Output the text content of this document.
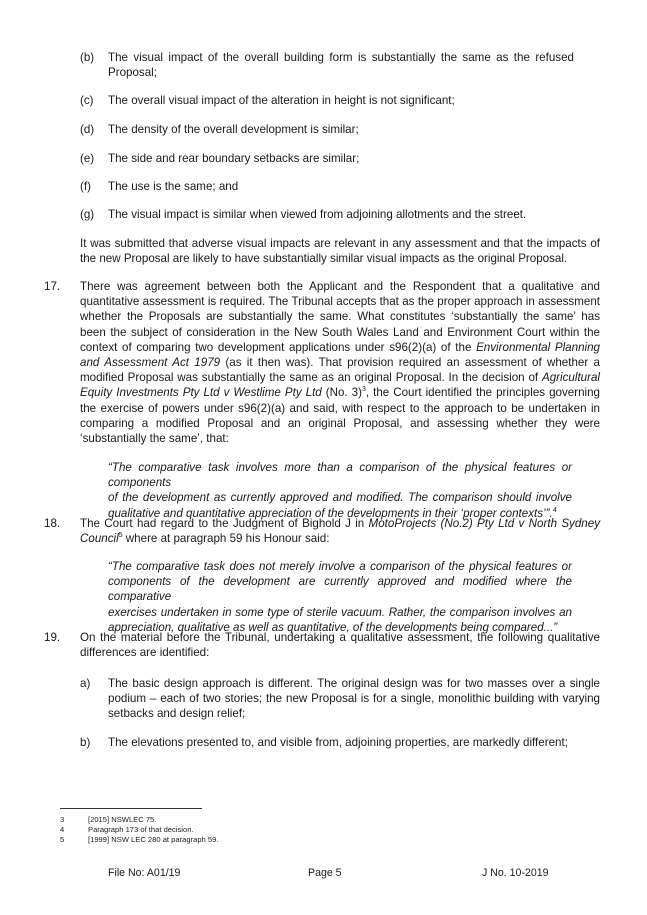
(b) The visual impact of the overall building form is substantially the same as the refused
Proposal;
(c) The overall visual impact of the alteration in height is not significant;
(d) The density of the overall development is similar;
(e) The side and rear boundary setbacks are similar;
(f) The use is the same; and
(g) The visual impact is similar when viewed from adjoining allotments and the street.
It was submitted that adverse visual impacts are relevant in any assessment and that the impacts of
the new Proposal are likely to have substantially similar visual impacts as the original Proposal.
17. There was agreement between both the Applicant and the Respondent that a qualitative and
quantitative assessment is required. The Tribunal accepts that as the proper approach in assessment
whether the Proposals are substantially the same. What constitutes ‘substantially the same’ has
been the subject of consideration in the New South Wales Land and Environment Court within the
context of comparing two development applications under s96(2)(a) of the Environmental Planning
and Assessment Act 1979 (as it then was). That provision required an assessment of whether a
modified Proposal was substantially the same as an original Proposal. In the decision of Agricultural
Equity Investments Pty Ltd v Westlime Pty Ltd (No. 3)$^3$, the Court identified the principles governing
the exercise of powers under s96(2)(a) and said, with respect to the approach to be undertaken in
comparing a modified Proposal and an original Proposal, and assessing whether they were
‘substantially the same’, that:
“The comparative task involves more than a comparison of the physical features or components
of the development as currently approved and modified. The comparison should involve
qualitative and quantitative appreciation of the developments in their ‘proper contexts’”.$^4$
18. The Court had regard to the Judgment of Bighold J in MotoProjects (No.2) Pty Ltd v North Sydney
Council$^5$ where at paragraph 59 his Honour said:
“The comparative task does not merely involve a comparison of the physical features or
components of the development are currently approved and modified where the comparative
exercises undertaken in some type of sterile vacuum. Rather, the comparison involves an
appreciation, qualitative as well as quantitative, of the developments being compared...”
19. On the material before the Tribunal, undertaking a qualitative assessment, the following qualitative
differences are identified:
a) The basic design approach is different. The original design was for two masses over a single
podium – each of two stories; the new Proposal is for a single, monolithic building with varying
setbacks and design relief;
b) The elevations presented to, and visible from, adjoining properties, are markedly different;
3	[2015] NSWLEC 75.
4	Paragraph 173 of that decision.
5	[1999] NSW LEC 280 at paragraph 59.
File No: A01/19	Page 5	J No. 10-2019
